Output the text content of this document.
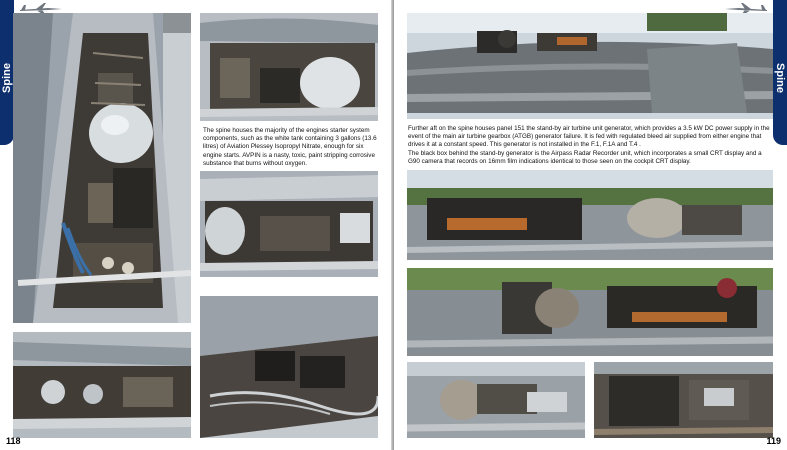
Spine
The spine houses the majority of the engines starter system components, such as the white tank containing 3 gallons (13.6 litres) of Aviation Plessey Isopropyl Nitrate, enough for six engine starts. AVPIN is a nasty, toxic, paint stripping corrosive substance that burns without oxygen.
118
Spine
Further aft on the spine houses panel 151 the stand-by air turbine unit generator, which provides a 3.5 kW DC power supply in the event of the main air turbine gearbox (ATGB) generator failure. It is fed with regulated bleed air supplied from either engine that drives it at a constant speed. This generator is not installed in the F.1, F.1A and T.4 .
The black box behind the stand-by generator is the Airpass Radar Recorder unit, which incorporates a small CRT display and a G90 camera that records on 16mm film indications identical to those seen on the cockpit CRT display.
119
